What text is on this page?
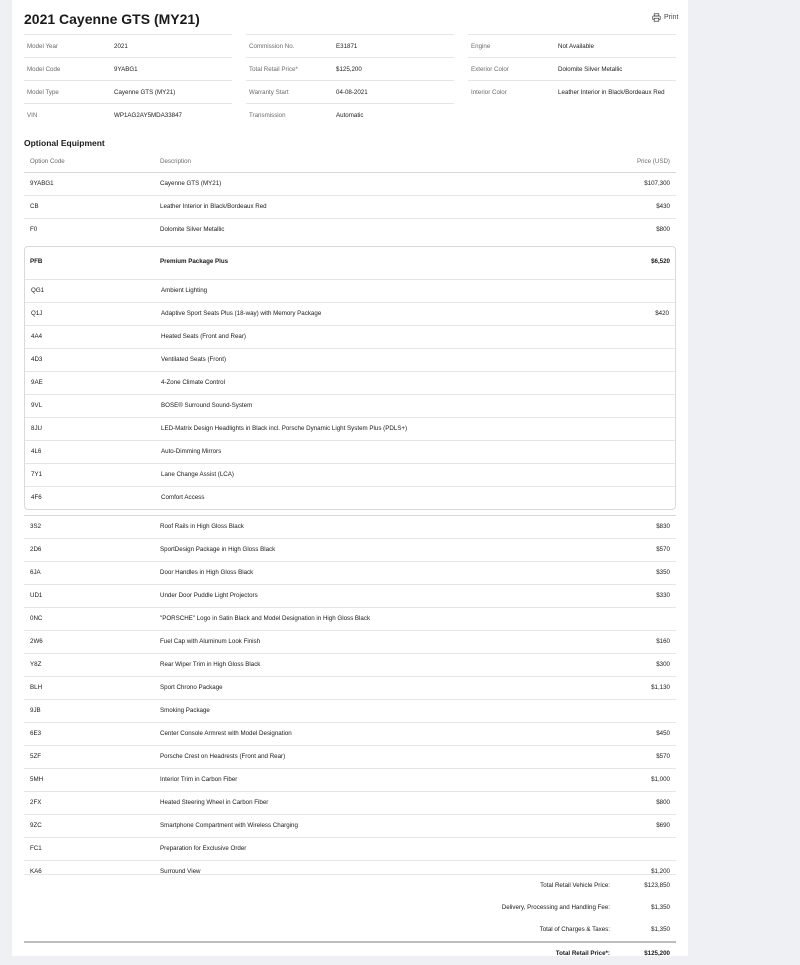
2021 Cayenne GTS (MY21)	Print
Model Year	2021
Model Code	9YABG1
Model Type	Cayenne GTS (MY21)
VIN	WP1AG2AY5MDA33847
Commission No.	E31871
Total Retail Price*	$125,200
Warranty Start	04-08-2021
Transmission	Automatic
Engine	Not Available
Exterior Color	Dolomite Silver Metallic
Interior Color	Leather Interior in Black/Bordeaux Red
Optional Equipment
Option Code	Description	Price (USD)
9YABG1	Cayenne GTS (MY21)	$107,300
CB	Leather Interior in Black/Bordeaux Red	$430
F0	Dolomite Silver Metallic	$800
PFB	Premium Package Plus	$6,520
QG1	Ambient Lighting
Q1J	Adaptive Sport Seats Plus (18-way) with Memory Package	$420
4A4	Heated Seats (Front and Rear)
4D3	Ventilated Seats (Front)
9AE	4-Zone Climate Control
9VL	BOSE® Surround Sound-System
8JU	LED-Matrix Design Headlights in Black incl. Porsche Dynamic Light System Plus (PDLS+)
4L6	Auto-Dimming Mirrors
7Y1	Lane Change Assist (LCA)
4F6	Comfort Access
3S2	Roof Rails in High Gloss Black	$830
2D6	SportDesign Package in High Gloss Black	$570
6JA	Door Handles in High Gloss Black	$350
UD1	Under Door Puddle Light Projectors	$330
0NC	"PORSCHE" Logo in Satin Black and Model Designation in High Gloss Black
2W6	Fuel Cap with Aluminum Look Finish	$160
Y8Z	Rear Wiper Trim in High Gloss Black	$300
BLH	Sport Chrono Package	$1,130
9JB	Smoking Package
6E3	Center Console Armrest with Model Designation	$450
5ZF	Porsche Crest on Headrests (Front and Rear)	$570
5MH	Interior Trim in Carbon Fiber	$1,000
2FX	Heated Steering Wheel in Carbon Fiber	$800
9ZC	Smartphone Compartment with Wireless Charging	$690
FC1	Preparation for Exclusive Order
KA6	Surround View	$1,200
Total Retail Vehicle Price:	$123,850
Delivery, Processing and Handling Fee:	$1,350
Total of Charges & Taxes:	$1,350
Total Retail Price*:	$125,200
